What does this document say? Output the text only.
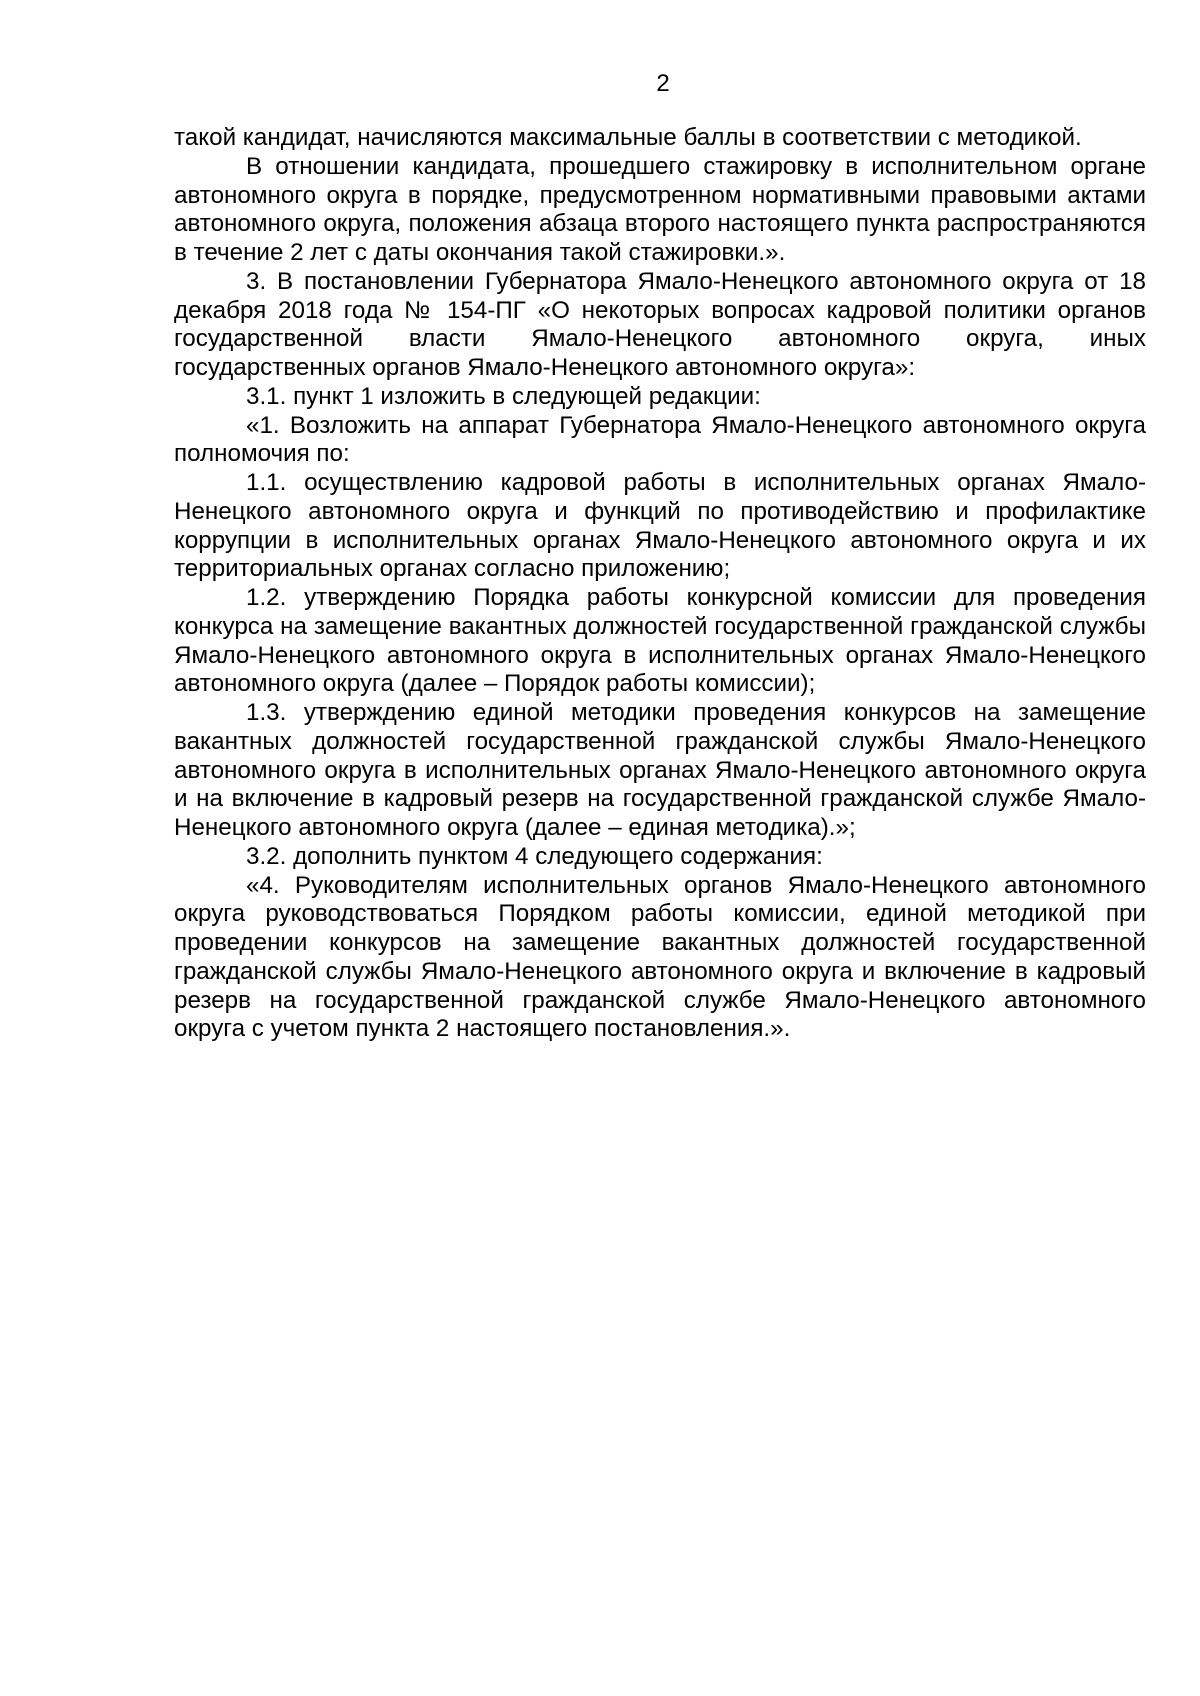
2

такой кандидат, начисляются максимальные баллы в соответствии с методикой.

В отношении кандидата, прошедшего стажировку в исполнительном органе автономного округа в порядке, предусмотренном нормативными правовыми актами автономного округа, положения абзаца второго настоящего пункта распространяются в течение 2 лет с даты окончания такой стажировки.».

3. В постановлении Губернатора Ямало-Ненецкого автономного округа от 18 декабря 2018 года № 154-ПГ «О некоторых вопросах кадровой политики органов государственной власти Ямало-Ненецкого автономного округа, иных государственных органов Ямало-Ненецкого автономного округа»:

3.1. пункт 1 изложить в следующей редакции:

«1. Возложить на аппарат Губернатора Ямало-Ненецкого автономного округа полномочия по:

1.1. осуществлению кадровой работы в исполнительных органах Ямало-Ненецкого автономного округа и функций по противодействию и профилактике коррупции в исполнительных органах Ямало-Ненецкого автономного округа и их территориальных органах согласно приложению;

1.2. утверждению Порядка работы конкурсной комиссии для проведения конкурса на замещение вакантных должностей государственной гражданской службы Ямало-Ненецкого автономного округа в исполнительных органах Ямало-Ненецкого автономного округа (далее – Порядок работы комиссии);

1.3. утверждению единой методики проведения конкурсов на замещение вакантных должностей государственной гражданской службы Ямало-Ненецкого автономного округа в исполнительных органах Ямало-Ненецкого автономного округа и на включение в кадровый резерв на государственной гражданской службе Ямало-Ненецкого автономного округа (далее – единая методика).»;

3.2. дополнить пунктом 4 следующего содержания:

«4. Руководителям исполнительных органов Ямало-Ненецкого автономного округа руководствоваться Порядком работы комиссии, единой методикой при проведении конкурсов на замещение вакантных должностей государственной гражданской службы Ямало-Ненецкого автономного округа и включение в кадровый резерв на государственной гражданской службе Ямало-Ненецкого автономного округа с учетом пункта 2 настоящего постановления.».
